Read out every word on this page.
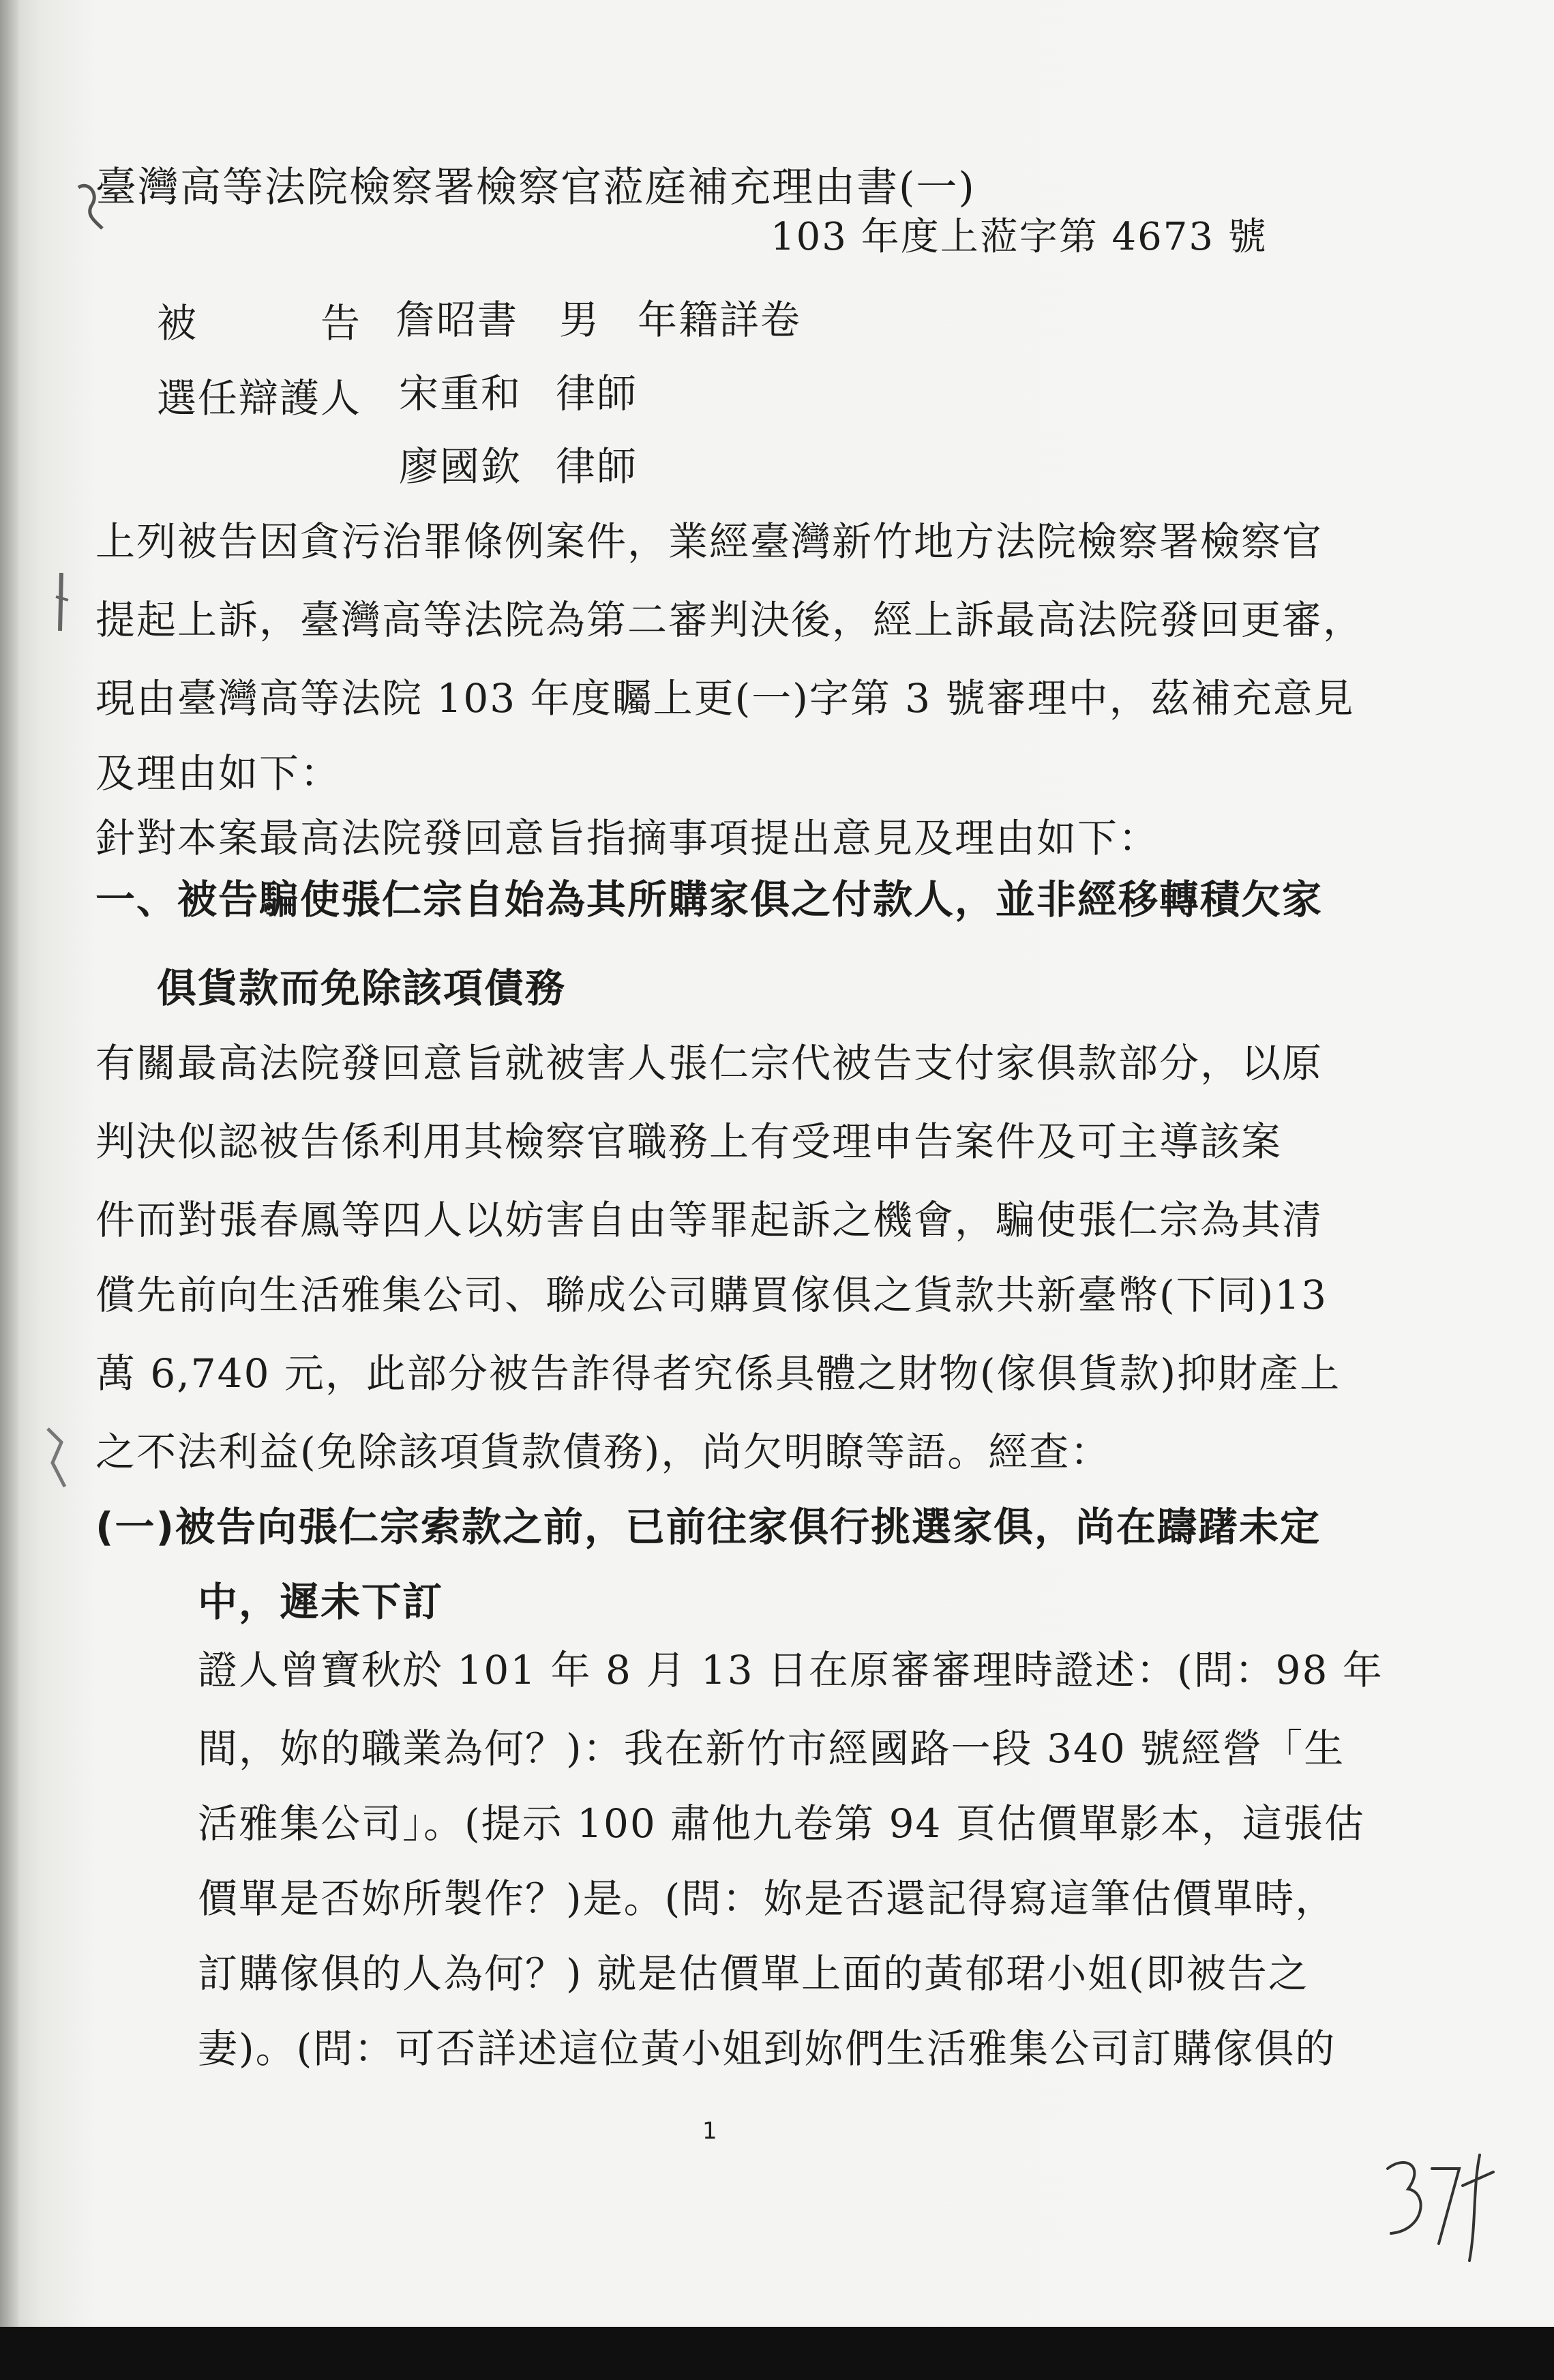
臺灣高等法院檢察署檢察官蒞庭補充理由書(一)
103 年度上蒞字第 4673 號
被　　　告 詹昭書 男 年籍詳卷
選任辯護人 宋重和 律師
廖國欽 律師
上列被告因貪污治罪條例案件，業經臺灣新竹地方法院檢察署檢察官
提起上訴，臺灣高等法院為第二審判決後，經上訴最高法院發回更審，
現由臺灣高等法院 103 年度矚上更(一)字第 3 號審理中，茲補充意見
及理由如下：
針對本案最高法院發回意旨指摘事項提出意見及理由如下：
一、被告騙使張仁宗自始為其所購家俱之付款人，並非經移轉積欠家
俱貨款而免除該項債務
有關最高法院發回意旨就被害人張仁宗代被告支付家俱款部分，以原
判決似認被告係利用其檢察官職務上有受理申告案件及可主導該案
件而對張春鳳等四人以妨害自由等罪起訴之機會，騙使張仁宗為其清
償先前向生活雅集公司、聯成公司購買傢俱之貨款共新臺幣(下同)13
萬 6,740 元，此部分被告詐得者究係具體之財物(傢俱貨款)抑財產上
之不法利益(免除該項貨款債務)，尚欠明瞭等語。經查：
(一)被告向張仁宗索款之前，已前往家俱行挑選家俱，尚在躊躇未定
中，遲未下訂
證人曾寶秋於 101 年 8 月 13 日在原審審理時證述：(問：98 年
間，妳的職業為何？)：我在新竹市經國路一段 340 號經營「生
活雅集公司」。(提示 100 肅他九卷第 94 頁估價單影本，這張估
價單是否妳所製作？)是。(問：妳是否還記得寫這筆估價單時，
訂購傢俱的人為何？) 就是估價單上面的黃郁珺小姐(即被告之
妻)。(問：可否詳述這位黃小姐到妳們生活雅集公司訂購傢俱的
1
